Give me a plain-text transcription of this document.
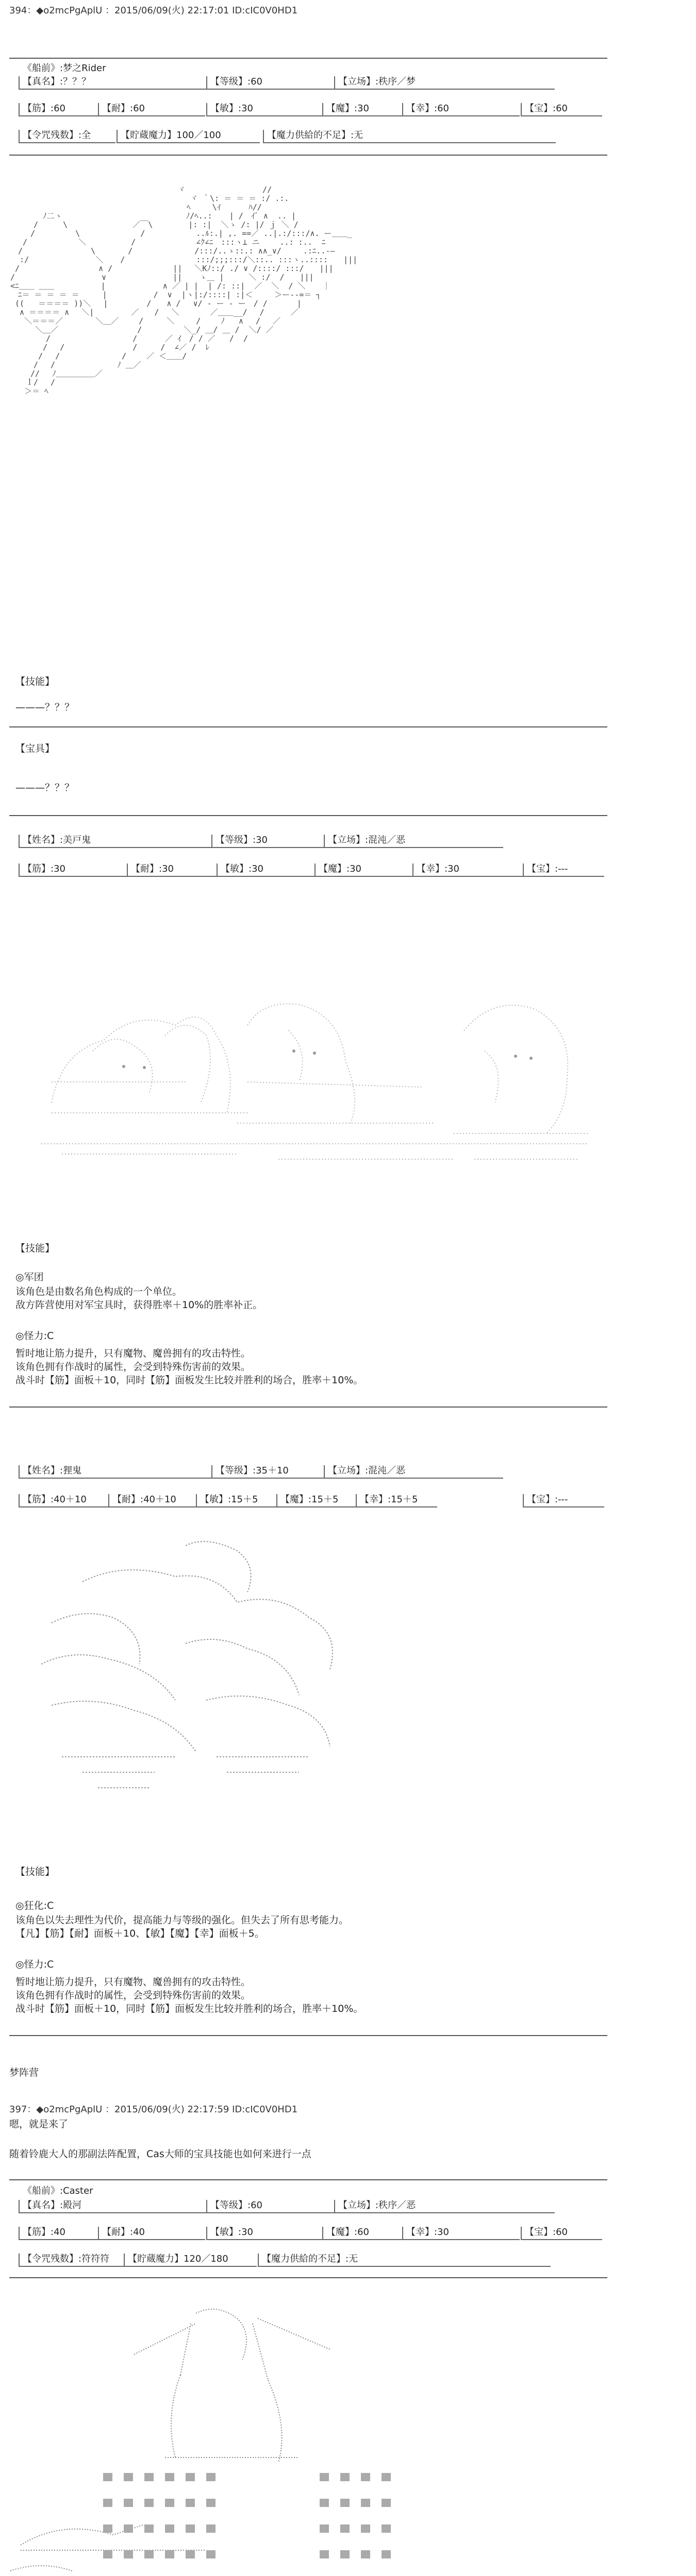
394：◆o2mcPgAplU ：2015/06/09(火) 22:17:01 ID:cIC0V0HD1
《船前》:梦之Rider
【真名】:？？？	【等级】:60	【立场】:秩序／梦
【筋】:60	【耐】:60	【敏】:30	【魔】:30	【幸】:60	【宝】:60
【令咒残数】:全	【貯蔵魔力】100／100	【魔力供給的不足】:无
　　　　　　　　　　　　　　　　　　　　　 ヾ　　　　　　　　　　//
　　　　　　　　　　　　　　　　　　　　　　  ヾ ｀\: ＝ ＝ ＝ :/ .:.
　　　　　　　　　　　　　 　　　　 　　　 　ﾍ　   \ｲ　　　 ﾊ//
　　　  ﾉ二ヽ　　　　　　　　　　　　　　　　ﾉ/ﾍ..: 　 | /　ｲﾞ ∧  .. |
　　　/ 　　 \　　　　　 　   ／￣\　　　　 |: :|  ＼ゝ /: |/ ｊ ＼ /
　　 /　 　　　 \　　　　　  　 /　　　　　　 ..ﾙ:.| ,. ==／ ..|.:/:::/∧. ー＿＿_
　 /　　　　　　 ＼ 　 　 　　/　　 　　　　  ∠ｸ∠ﾆ　:::ヽ⊥ ニ　 　..: :..  ﾆ
　/　 　　　 　　 　\　 　　 /　　　　　　　　/:::/..ゝ::.: ∧∧_∨/  　 .:ﾆ..-―
:/　　　　　　　　 ＼　  /　　　 　　　　　 :::/;;;:::/＼::.. :::ヽ..::::　　|||
/　　　　　　　　　  ∧ /　 　　 　　　 ||　 ＼Kﾉ::/ ./ ∨ /::::/ :::/　　|||
/　　　 　　　　　 　　∨　　　　　　　　 ||  　ゝ＿ | 　　 ＼ :/  /　　|||
<ﾆ＿＿ ＿＿　　　　　　| 　　  　　　 ∧ ／ | |  | /: ::|  ／  ＼  / ＼ 　 ｜
　ﾆ＝ ＝ ＝ ＝ ＝　　　|　　　　　　/  ∨  |ヽ|:/::::| :|＜  　 ＞ー--=＝ ┐
((   ＝＝＝＝ ))＼　 |　　　　　/　　∧ /　 ∨/ ‐ ー ‐ ー　/ / 　 　 |
∧ ＝＝＝＝ ∧　 ＼|　　  　 ／　　/　 ＼ 　    ／＿＿__/ 　/ 　   ／
＼＝＝＝／　 　　 ＼＿／　　 /　　　＼　   /　 　ﾉ   ∧ 　/　 ／
　　  ＼＿／　 　　　　　 　　　/ 　   　　＼_/ ＿/ ＿ /  ＼/ ／
　　　　 /　　　　　　　　 　　/　　　 ／ ｲ　/ / ／   /  /
　　 　 /　 /　　　　　 　 　 /　　　/  ∠／ /  ﾚ
　　　 /　 /　　　　　　　　/　　 ／ ＜＿＿/
　　　/　 /　 　 　 　 　 ﾉ ＿／
　　 // 　ﾉ＿＿＿＿＿／
　　ｌ/ 　/
＞＝ ﾍ
【技能】
———？？？
【宝具】
———？？？
【姓名】:美戸鬼	【等级】:30	【立场】:混沌／恶
【筋】:30	【耐】:30	【敏】:30	【魔】:30	【幸】:30	【宝】:---
【技能】
◎军团
该角色是由数名角色构成的一个单位。
敌方阵营使用对军宝具时，获得胜率＋10%的胜率补正。
◎怪力:C
暂时地让筋力提升，只有魔物、魔兽拥有的攻击特性。
该角色拥有作战时的属性，会受到特殊伤害前的效果。
战斗时【筋】面板＋10，同时【筋】面板发生比较并胜利的场合，胜率＋10%。
【姓名】:狸鬼	【等级】:35＋10	【立场】:混沌／恶
【筋】:40＋10	【耐】:40＋10	【敏】:15＋5	【魔】:15＋5	【幸】:15＋5	【宝】:---
【技能】
◎狂化:C
该角色以失去理性为代价，提高能力与等级的强化。但失去了所有思考能力。
【凡】【筋】【耐】面板＋10、【敏】【魔】【幸】面板＋5。
◎怪力:C
暂时地让筋力提升，只有魔物、魔兽拥有的攻击特性。
该角色拥有作战时的属性，会受到特殊伤害前的效果。
战斗时【筋】面板＋10，同时【筋】面板发生比较并胜利的场合，胜率＋10%。
梦阵营
397：◆o2mcPgAplU ：2015/06/09(火) 22:17:59 ID:cIC0V0HD1
嗯，就是来了
随着铃鹿大人的那副法阵配置，Cas大师的宝具技能也如何来进行一点
《船前》:Caster
【真名】:殿河	【等级】:60	【立场】:秩序／恶
【筋】:40	【耐】:40	【敏】:30	【魔】:60	【幸】:30	【宝】:60
【令咒残数】:符符符	【貯蔵魔力】120／180	【魔力供給的不足】:无
